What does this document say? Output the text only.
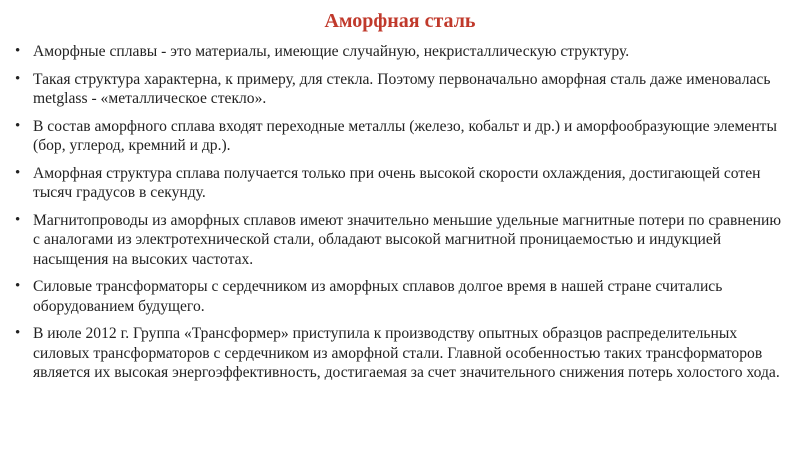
Аморфная сталь
• Аморфные сплавы - это материалы, имеющие случайную, некристаллическую структуру.
• Такая структура характерна, к примеру, для стекла. Поэтому первоначально аморфная сталь даже именовалась metglass - «металлическое стекло».
• В состав аморфного сплава входят переходные металлы (железо, кобальт и др.) и аморфообразующие элементы (бор, углерод, кремний и др.).
• Аморфная структура сплава получается только при очень высокой скорости охлаждения, достигающей сотен тысяч градусов в секунду.
• Магнитопроводы из аморфных сплавов имеют значительно меньшие удельные магнитные потери по сравнению с аналогами из электротехнической стали, обладают высокой магнитной проницаемостью и индукцией насыщения на высоких частотах.
• Силовые трансформаторы с сердечником из аморфных сплавов долгое время в нашей стране считались оборудованием будущего.
• В июле 2012 г. Группа «Трансформер» приступила к производству опытных образцов распределительных силовых трансформаторов с сердечником из аморфной стали. Главной особенностью таких трансформаторов является их высокая энергоэффективность, достигаемая за счет значительного снижения потерь холостого хода.
